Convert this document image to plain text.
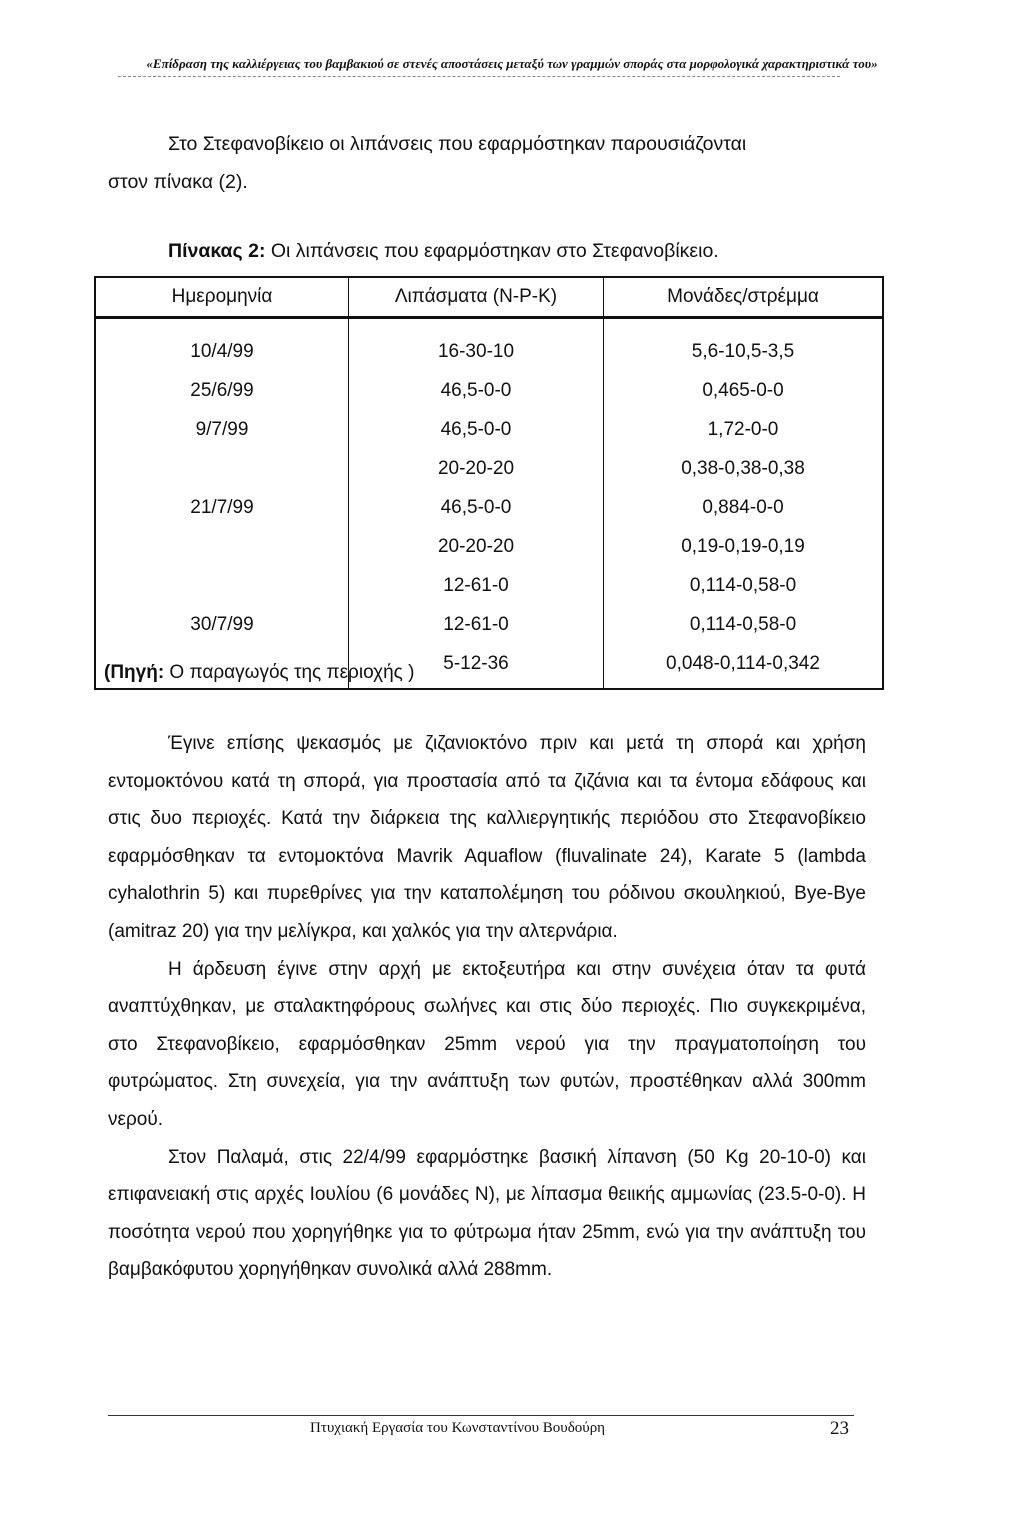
«Επίδραση της καλλιέργειας του βαμβακιού σε στενές αποστάσεις μεταξύ των γραμμών σποράς στα μορφολογικά χαρακτηριστικά του»
Στο Στεφανοβίκειο οι λιπάνσεις που εφαρμόστηκαν παρουσιάζονται
στον πίνακα (2).
Πίνακας 2: Οι λιπάνσεις που εφαρμόστηκαν στο Στεφανοβίκειο.
Ημερομηνία	Λιπάσματα (N-P-K)	Μονάδες/στρέμμα
10/4/99	16-30-10	5,6-10,5-3,5
25/6/99	46,5-0-0	0,465-0-0
9/7/99	46,5-0-0	1,72-0-0
	20-20-20	0,38-0,38-0,38
21/7/99	46,5-0-0	0,884-0-0
	20-20-20	0,19-0,19-0,19
	12-61-0	0,114-0,58-0
30/7/99	12-61-0	0,114-0,58-0
	5-12-36	0,048-0,114-0,342
(Πηγή: Ο παραγωγός της περιοχής )

Έγινε επίσης ψεκασμός με ζιζανιοκτόνο πριν και μετά τη σπορά και χρήση εντομοκτόνου κατά τη σπορά, για προστασία από τα ζιζάνια και τα έντομα εδάφους και στις δυο περιοχές. Κατά την διάρκεια της καλλιεργητικής περιόδου στο Στεφανοβίκειο εφαρμόσθηκαν τα εντομοκτόνα Mavrik Aquaflow (fluvalinate 24), Karate 5 (lambda cyhalothrin 5) και πυρεθρίνες για την καταπολέμηση του ρόδινου σκουληκιού, Bye-Bye (amitraz 20) για την μελίγκρα, και χαλκός για την αλτερνάρια.

Η άρδευση έγινε στην αρχή με εκτοξευτήρα και στην συνέχεια όταν τα φυτά αναπτύχθηκαν, με σταλακτηφόρους σωλήνες και στις δύο περιοχές. Πιο συγκεκριμένα, στο Στεφανοβίκειο, εφαρμόσθηκαν 25mm νερού για την πραγματοποίηση του φυτρώματος. Στη συνεχεία, για την ανάπτυξη των φυτών, προστέθηκαν αλλά 300mm νερού.

Στον Παλαμά, στις 22/4/99 εφαρμόστηκε βασική λίπανση (50 Kg 20-10-0) και επιφανειακή στις αρχές Ιουλίου (6 μονάδες Ν), με λίπασμα θειικής αμμωνίας (23.5-0-0). Η ποσότητα νερού που χορηγήθηκε για το φύτρωμα ήταν 25mm, ενώ για την ανάπτυξη του βαμβακόφυτου χορηγήθηκαν συνολικά αλλά 288mm.

Πτυχιακή Εργασία του Κωνσταντίνου Βουδούρη	23
